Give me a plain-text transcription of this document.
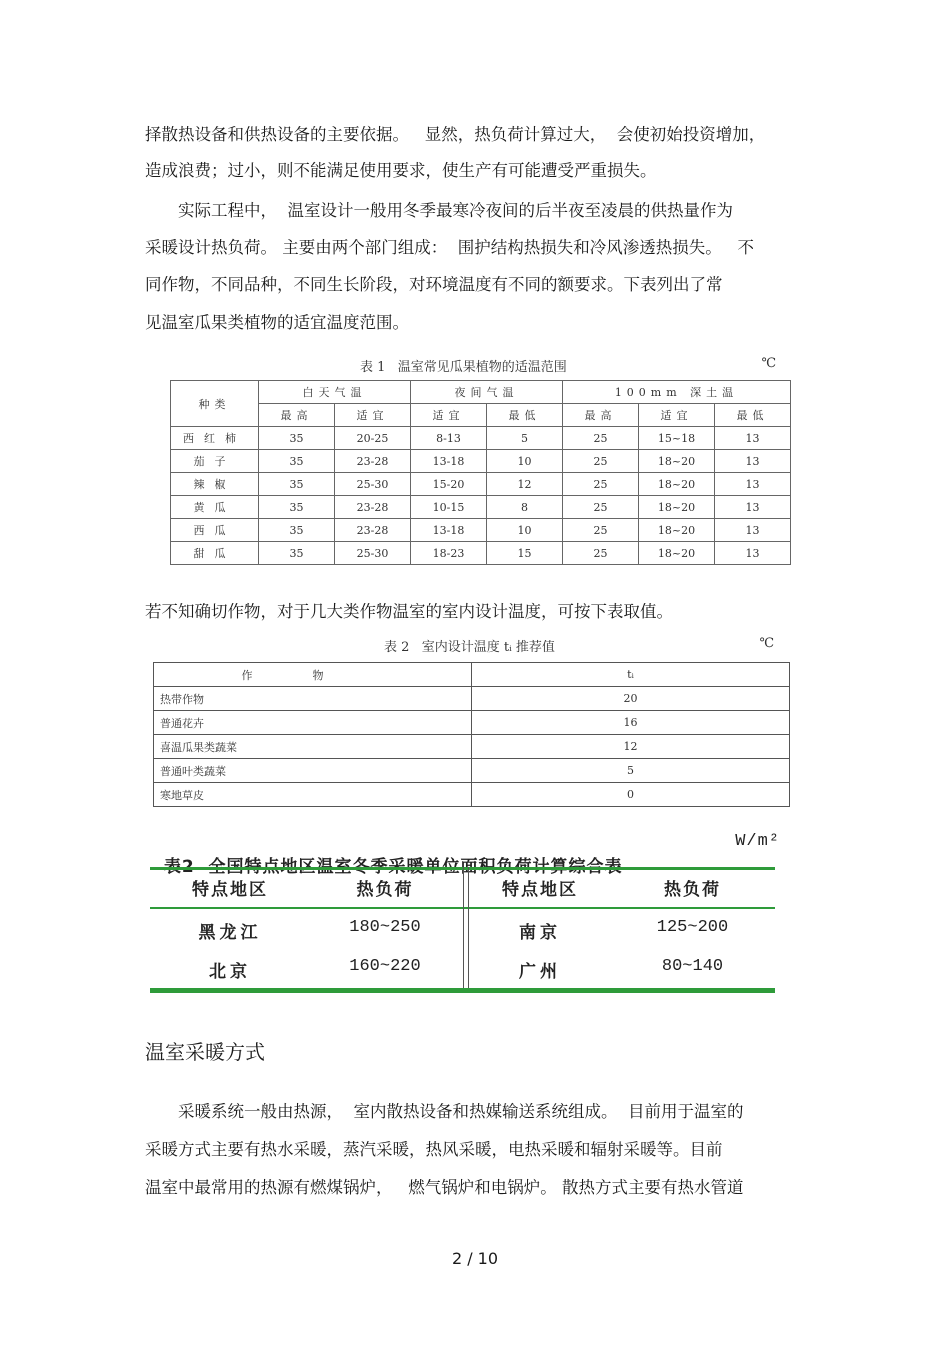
择散热设备和供热设备的主要依据。   显然，热负荷计算过大，  会使初始投资增加，
造成浪费；过小，则不能满足使用要求，使生产有可能遭受严重损失。
实际工程中，  温室设计一般用冬季最寒冷夜间的后半夜至凌晨的供热量作为
采暖设计热负荷。 主要由两个部门组成：  围护结构热损失和冷风渗透热损失。   不
同作物，不同品种，不同生长阶段，对环境温度有不同的额要求。下表列出了常
见温室瓜果类植物的适宜温度范围。
表 1   温室常见瓜果植物的适温范围	℃
种类	白天气温		夜间气温		100mm 深土温		
	最高	适宜	适宜	最低	最高	适宜	最低
西红柿	35	20-25	8-13	5	25	15~18	13
茄子	35	23-28	13-18	10	25	18~20	13
辣椒	35	25-30	15-20	12	25	18~20	13
黄瓜	35	23-28	10-15	8	25	18~20	13
西瓜	35	23-28	13-18	10	25	18~20	13
甜瓜	35	25-30	18-23	15	25	18~20	13
若不知确切作物，对于几大类作物温室的室内设计温度，可按下表取值。
表 2   室内设计温度 tᵢ 推荐值	℃
作物	tᵢ
热带作物	20
普通花卉	16
喜温瓜果类蔬菜	12
普通叶类蔬菜	5
寒地草皮	0

W/m²

特点地区	热负荷	特点地区	热负荷
黑龙江	180~250	南京	125~200
北京	160~220	广州	80~140
温室采暖方式
采暖系统一般由热源，  室内散热设备和热媒输送系统组成。  目前用于温室的
采暖方式主要有热水采暖，蒸汽采暖，热风采暖，电热采暖和辐射采暖等。目前
温室中最常用的热源有燃煤锅炉，   燃气锅炉和电锅炉。 散热方式主要有热水管道
2 / 10
